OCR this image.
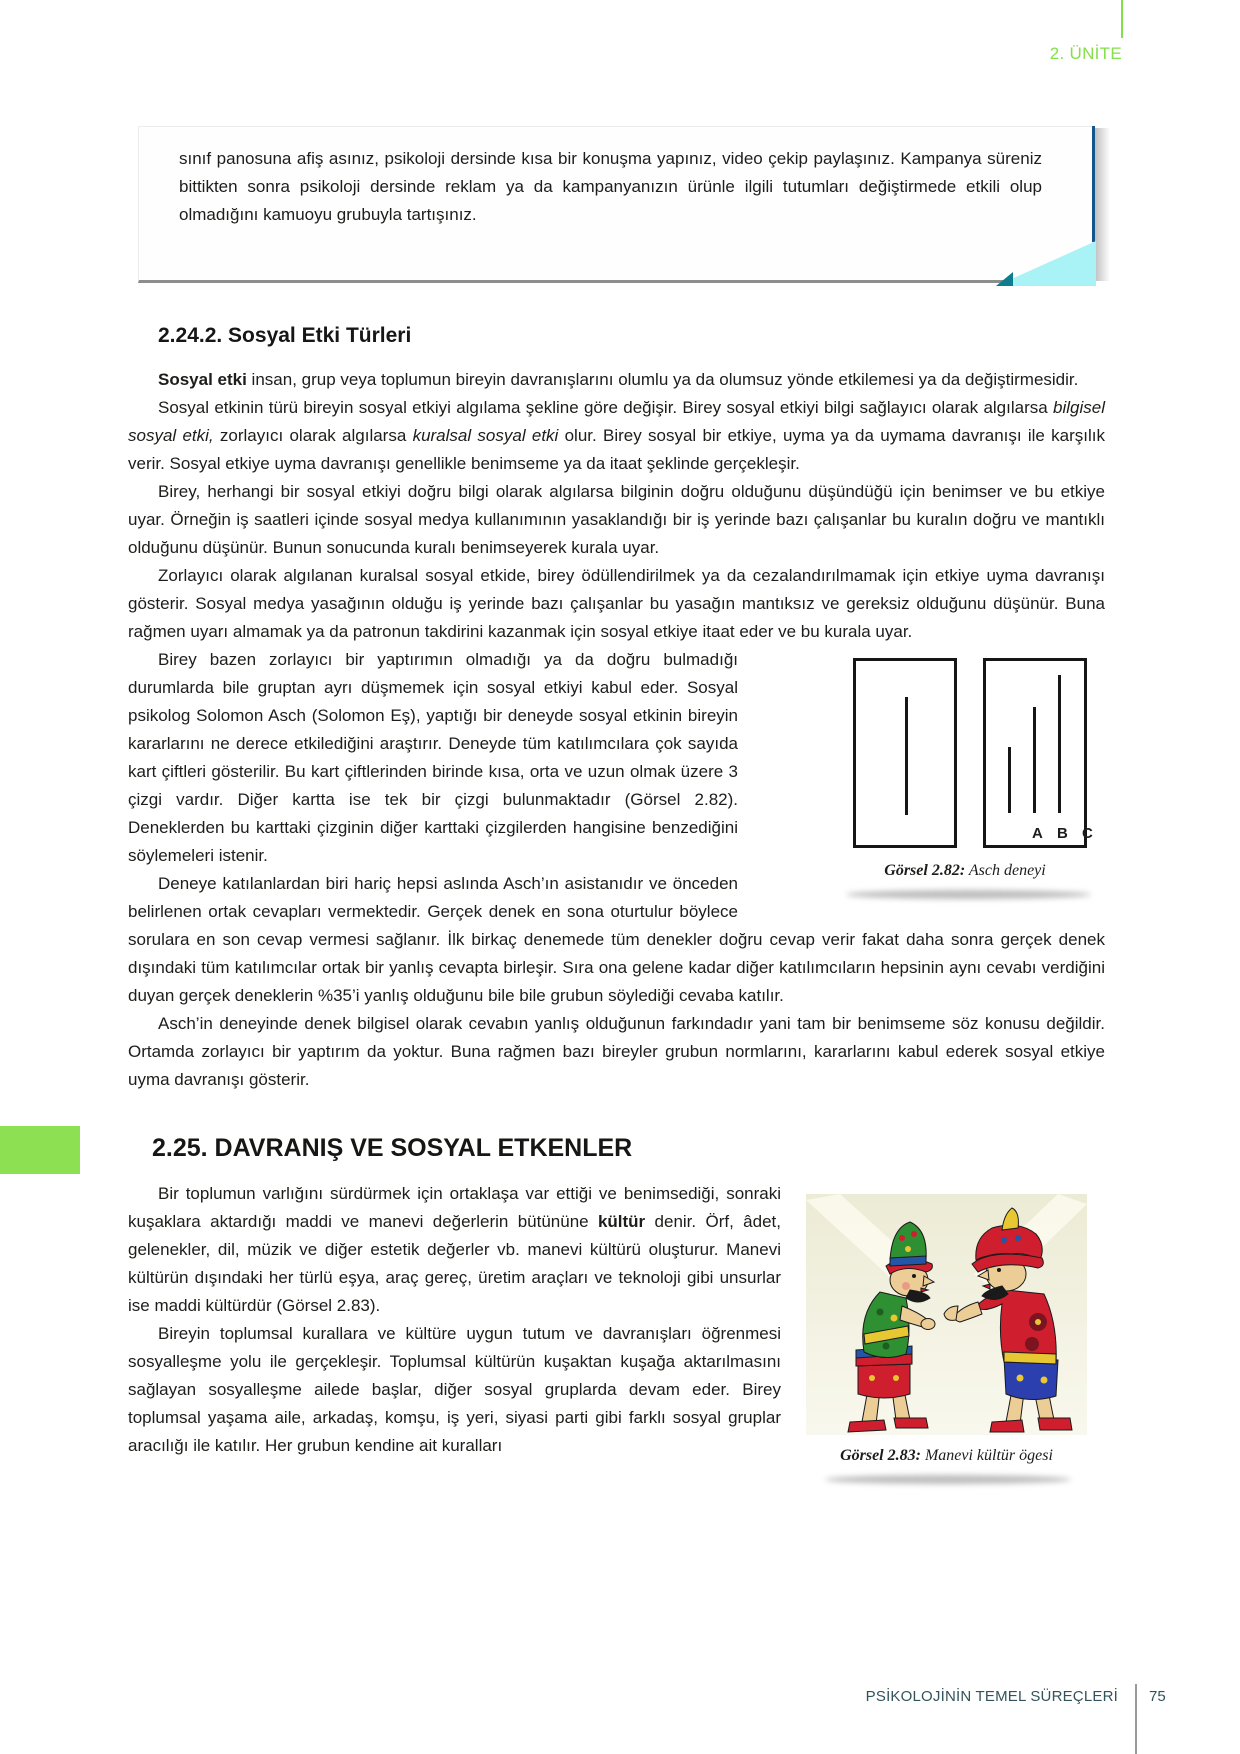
2. ÜNİTE
sınıf panosuna afiş asınız, psikoloji dersinde kısa bir konuşma yapınız, video çekip paylaşınız. Kampanya süreniz bittikten sonra psikoloji dersinde reklam ya da kampanyanızın ürünle ilgili tutumları değiştirmede etkili olup olmadığını kamuoyu grubuyla tartışınız.
2.24.2. Sosyal Etki Türleri

Sosyal etki insan, grup veya toplumun bireyin davranışlarını olumlu ya da olumsuz yönde etkilemesi ya da değiştirmesidir.

Sosyal etkinin türü bireyin sosyal etkiyi algılama şekline göre değişir. Birey sosyal etkiyi bilgi sağlayıcı olarak algılarsa bilgisel sosyal etki, zorlayıcı olarak algılarsa kuralsal sosyal etki olur. Birey sosyal bir etkiye, uyma ya da uymama davranışı ile karşılık verir. Sosyal etkiye uyma davranışı genellikle benimseme ya da itaat şeklinde gerçekleşir.

Birey, herhangi bir sosyal etkiyi doğru bilgi olarak algılarsa bilginin doğru olduğunu düşündüğü için benimser ve bu etkiye uyar. Örneğin iş saatleri içinde sosyal medya kullanımının yasaklandığı bir iş yerinde bazı çalışanlar bu kuralın doğru ve mantıklı olduğunu düşünür. Bunun sonucunda kuralı benimseyerek kurala uyar.

Zorlayıcı olarak algılanan kuralsal sosyal etkide, birey ödüllendirilmek ya da cezalandırılmamak için etkiye uyma davranışı gösterir. Sosyal medya yasağının olduğu iş yerinde bazı çalışanlar bu yasağın mantıksız ve gereksiz olduğunu düşünür. Buna rağmen uyarı almamak ya da patronun takdirini kazanmak için sosyal etkiye itaat eder ve bu kurala uyar.

A B C
Görsel 2.82: Asch deneyi
Birey bazen zorlayıcı bir yaptırımın olmadığı ya da doğru bulmadığı durumlarda bile gruptan ayrı düşmemek için sosyal etkiyi kabul eder. Sosyal psikolog Solomon Asch (Solomon Eş), yaptığı bir deneyde sosyal etkinin bireyin kararlarını ne derece etkilediğini araştırır. Deneyde tüm katılımcılara çok sayıda kart çiftleri gösterilir. Bu kart çiftlerinden birinde kısa, orta ve uzun olmak üzere 3 çizgi vardır. Diğer kartta ise tek bir çizgi bulunmaktadır (Görsel 2.82). Deneklerden bu karttaki çizginin diğer karttaki çizgilerden hangisine benzediğini söylemeleri istenir.

Deneye katılanlardan biri hariç hepsi aslında Asch’ın asistanıdır ve önceden belirlenen ortak cevapları vermektedir. Gerçek denek en sona oturtulur böylece sorulara en son cevap vermesi sağlanır. İlk birkaç denemede tüm denekler doğru cevap verir fakat daha sonra gerçek denek dışındaki tüm katılımcılar ortak bir yanlış cevapta birleşir. Sıra ona gelene kadar diğer katılımcıların hepsinin aynı cevabı verdiğini duyan gerçek deneklerin %35’i yanlış olduğunu bile bile grubun söylediği cevaba katılır.

Asch’in deneyinde denek bilgisel olarak cevabın yanlış olduğunun farkındadır yani tam bir benimseme söz konusu değildir. Ortamda zorlayıcı bir yaptırım da yoktur. Buna rağmen bazı bireyler grubun normlarını, kararlarını kabul ederek sosyal etkiye uyma davranışı gösterir.

2.25. DAVRANIŞ VE SOSYAL ETKENLER

Görsel 2.83: Manevi kültür ögesi
Bir toplumun varlığını sürdürmek için ortaklaşa var ettiği ve benimsediği, sonraki kuşaklara aktardığı maddi ve manevi değerlerin bütününe kültür denir. Örf, âdet, gelenekler, dil, müzik ve diğer estetik değerler vb. manevi kültürü oluşturur. Manevi kültürün dışındaki her türlü eşya, araç gereç, üretim araçları ve teknoloji gibi unsurlar ise maddi kültürdür (Görsel 2.83).

Bireyin toplumsal kurallara ve kültüre uygun tutum ve davranışları öğrenmesi sosyalleşme yolu ile gerçekleşir. Toplumsal kültürün kuşaktan kuşağa aktarılmasını sağlayan sosyalleşme ailede başlar, diğer sosyal gruplarda devam eder. Birey toplumsal yaşama aile, arkadaş, komşu, iş yeri, siyasi parti gibi farklı sosyal gruplar aracılığı ile katılır. Her grubun kendine ait kuralları

PSİKOLOJİNİN TEMEL SÜREÇLERİ 75
